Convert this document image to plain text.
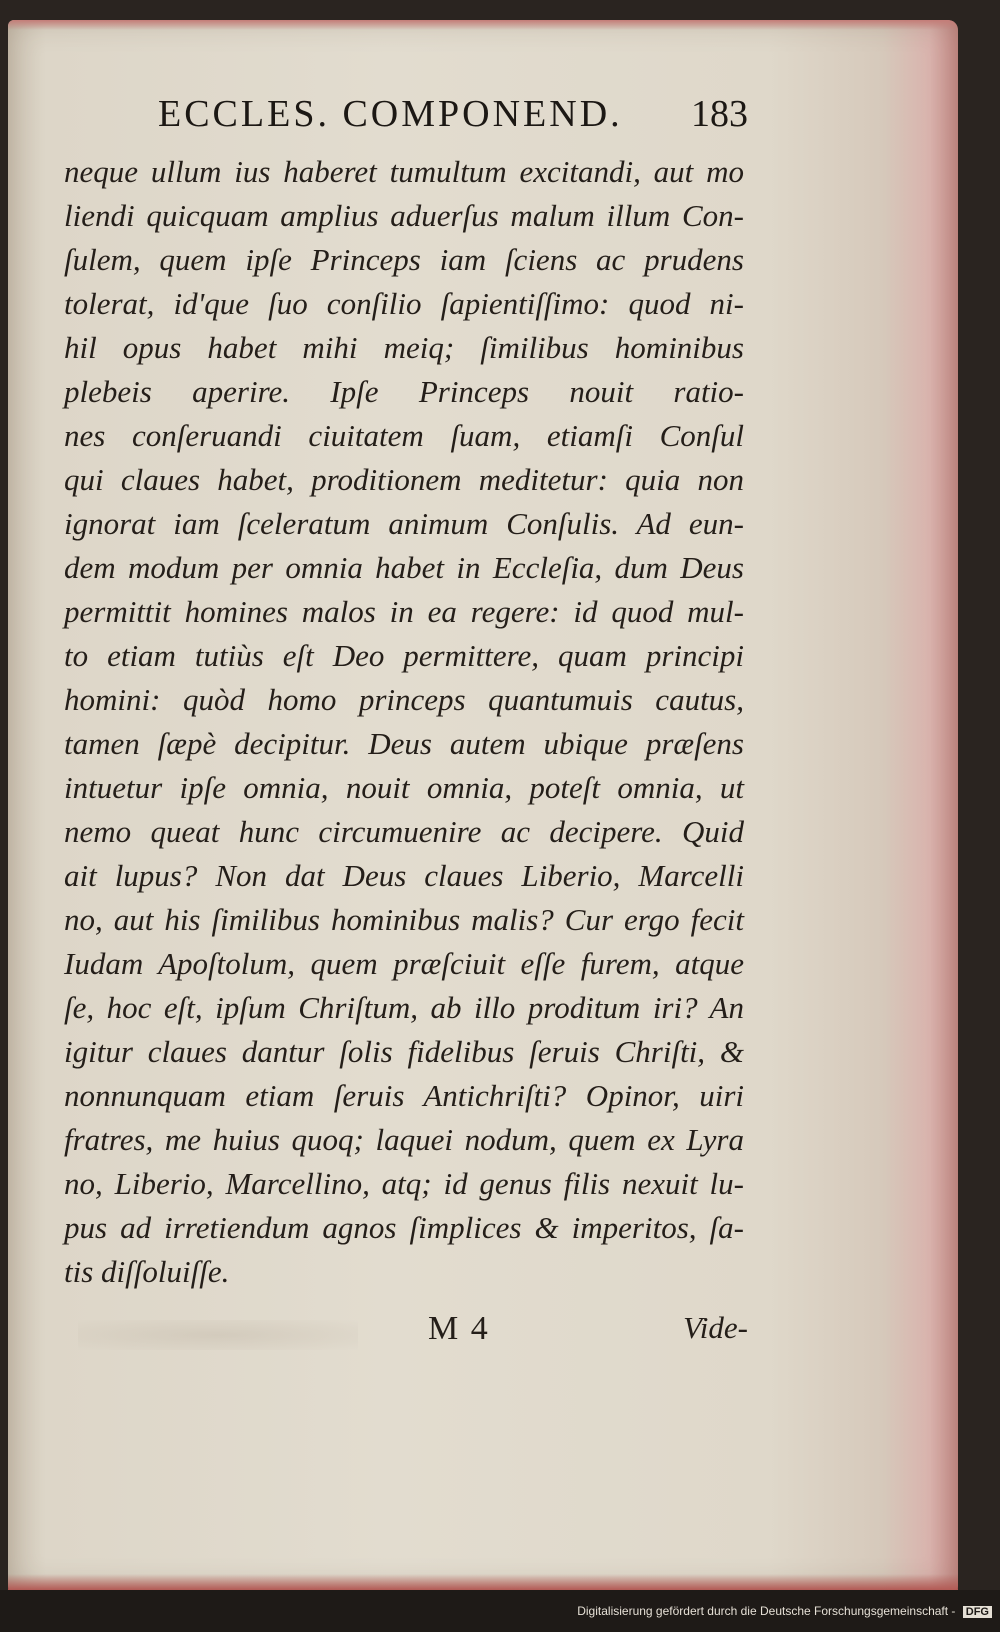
ECCLES. COMPONEND. 183
neque ullum ius haberet tumultum excitandi, aut mo
liendi quicquam amplius aduerſus malum illum Con-
ſulem, quem ipſe Princeps iam ſciens ac prudens
tolerat, id'que ſuo conſilio ſapientiſſimo: quod ni-
hil opus habet mihi meiq; ſimilibus hominibus
plebeis aperire. Ipſe Princeps nouit ratio-
nes conſeruandi ciuitatem ſuam, etiamſi Conſul
qui claues habet, proditionem meditetur: quia non
ignorat iam ſceleratum animum Conſulis. Ad eun-
dem modum per omnia habet in Eccleſia, dum Deus
permittit homines malos in ea regere: id quod mul-
to etiam tutiùs eſt Deo permittere, quam principi
homini: quòd homo princeps quantumuis cautus,
tamen ſæpè decipitur. Deus autem ubique præſens
intuetur ipſe omnia, nouit omnia, poteſt omnia, ut
nemo queat hunc circumuenire ac decipere. Quid
ait lupus? Non dat Deus claues Liberio, Marcelli
no, aut his ſimilibus hominibus malis? Cur ergo fecit
Iudam Apoſtolum, quem præſciuit eſſe furem, atque
ſe, hoc eſt, ipſum Chriſtum, ab illo proditum iri? An
igitur claues dantur ſolis fidelibus ſeruis Chriſti, &
nonnunquam etiam ſeruis Antichriſti? Opinor, uiri
fratres, me huius quoq; laquei nodum, quem ex Lyra
no, Liberio, Marcellino, atq; id genus filis nexuit lu-
pus ad irretiendum agnos ſimplices & imperitos, ſa-
tis diſſoluiſſe.
M 4	Vide-
Digitalisierung gefördert durch die Deutsche Forschungsgemeinschaft - DFG
